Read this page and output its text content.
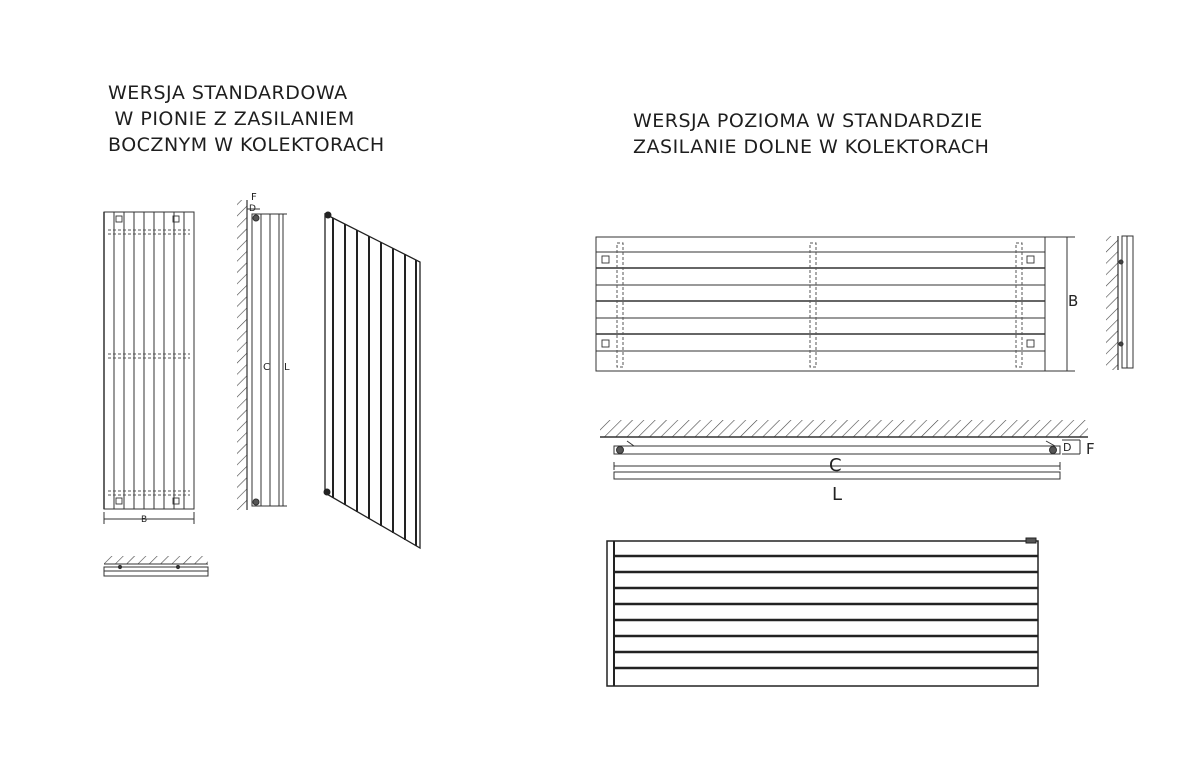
WERSJA STANDARDOWA
W PIONIE Z ZASILANIEM
BOCZNYM W KOLEKTORACH
WERSJA POZIOMA W STANDARDZIE
ZASILANIE DOLNE W KOLEKTORACH
B
F
D
C L
B
D F
C
L
